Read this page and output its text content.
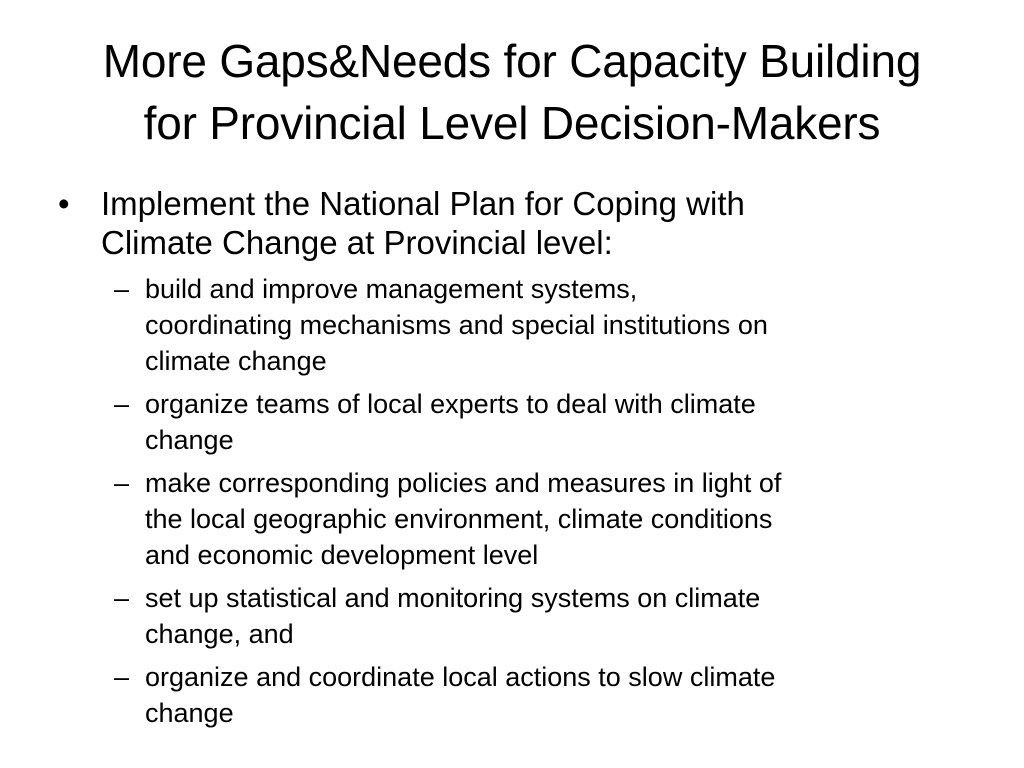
More Gaps&Needs for Capacity Building
for Provincial Level Decision-Makers
• Implement the National Plan for Coping with
Climate Change at Provincial level:
– build and improve management systems,
coordinating mechanisms and special institutions on
climate change
– organize teams of local experts to deal with climate
change
– make corresponding policies and measures in light of
the local geographic environment, climate conditions
and economic development level
– set up statistical and monitoring systems on climate
change, and
– organize and coordinate local actions to slow climate
change
